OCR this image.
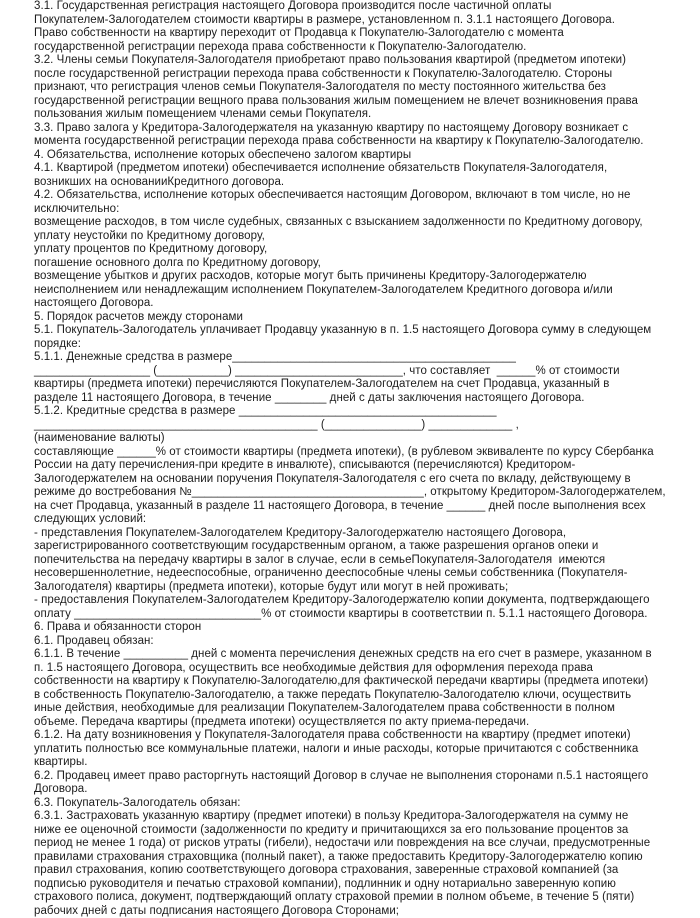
3.1. Государственная регистрация настоящего Договора производится после частичной оплаты
Покупателем-Залогодателем стоимости квартиры в размере, установленном п. 3.1.1 настоящего Договора.
Право собственности на квартиру переходит от Продавца к Покупателю-Залогодателю с момента
государственной регистрации перехода права собственности к Покупателю-Залогодателю.
3.2. Члены семьи Покупателя-Залогодателя приобретают право пользования квартирой (предметом ипотеки)
после государственной регистрации перехода права собственности к Покупателю-Залогодателю. Стороны
признают, что регистрация членов семьи Покупателя-Залогодателя по месту постоянного жительства без
государственной регистрации вещного права пользования жилым помещением не влечет возникновения права
пользования жилым помещением членами семьи Покупателя.
3.3. Право залога у Кредитора-Залогодержателя на указанную квартиру по настоящему Договору возникает с
момента государственной регистрации перехода права собственности на квартиру к Покупателю-Залогодателю.
4. Обязательства, исполнение которых обеспечено залогом квартиры
4.1. Квартирой (предметом ипотеки) обеспечивается исполнение обязательств Покупателя-Залогодателя,
возникших на основанииКредитного договора.
4.2. Обязательства, исполнение которых обеспечивается настоящим Договором, включают в том числе, но не
исключительно:
возмещение расходов, в том числе судебных, связанных с взысканием задолженности по Кредитному договору,
уплату неустойки по Кредитному договору,
уплату процентов по Кредитному договору,
погашение основного долга по Кредитному договору,
возмещение убытков и других расходов, которые могут быть причинены Кредитору-Залогодержателю
неисполнением или ненадлежащим исполнением Покупателем-Залогодателем Кредитного договора и/или
настоящего Договора.
5. Порядок расчетов между сторонами
5.1. Покупатель-Залогодатель уплачивает Продавцу указанную в п. 1.5 настоящего Договора сумму в следующем
порядке:
5.1.1. Денежные средства в размере____________________________________________
__________________ (___________) __________________________, что составляет  ______% от стоимости
квартиры (предмета ипотеки) перечисляются Покупателем-Залогодателем на счет Продавца, указанный в
разделе 11 настоящего Договора, в течение ________ дней с даты заключения настоящего Договора.
5.1.2. Кредитные средства в размере ________________________________________
____________________________________________ (_______________) _____________ ,
(наименование валюты)
составляющие ______% от стоимости квартиры (предмета ипотеки), (в рублевом эквиваленте по курсу Сбербанка
России на дату перечисления-при кредите в инвалюте), списываются (перечисляются) Кредитором-
Залогодержателем на основании поручения Покупателя-Залогодателя с его счета по вкладу, действующему в
режиме до востребования №____________________________________, открытому Кредитором-Залогодержателем,
на счет Продавца, указанный в разделе 11 настоящего Договора, в течение ______ дней после выполнения всех
следующих условий:
- представления Покупателем-Залогодателем Кредитору-Залогодержателю настоящего Договора,
зарегистрированного соответствующим государственным органом, а также разрешения органов опеки и
попечительства на передачу квартиры в залог в случае, если в семьеПокупателя-Залогодателя  имеются
несовершеннолетние, недееспособные, ограниченно дееспособные члены семьи собственника (Покупателя-
Залогодателя) квартиры (предмета ипотеки), которые будут или могут в ней проживать;
- предоставления Покупателем-Залогодателем Кредитору-Залогодержателю копии документа, подтверждающего
оплату _____________________________% от стоимости квартиры в соответствии п. 5.1.1 настоящего Договора.
6. Права и обязанности сторон
6.1. Продавец обязан:
6.1.1. В течение __________ дней с момента перечисления денежных средств на его счет в размере, указанном в
п. 1.5 настоящего Договора, осуществить все необходимые действия для оформления перехода права
собственности на квартиру к Покупателю-Залогодателю,для фактической передачи квартиры (предмета ипотеки)
в собственность Покупателю-Залогодателю, а также передать Покупателю-Залогодателю ключи, осуществить
иные действия, необходимые для реализации Покупателем-Залогодателем права собственности в полном
объеме. Передача квартиры (предмета ипотеки) осуществляется по акту приема-передачи.
6.1.2. На дату возникновения у Покупателя-Залогодателя права собственности на квартиру (предмет ипотеки)
уплатить полностью все коммунальные платежи, налоги и иные расходы, которые причитаются с собственника
квартиры.
6.2. Продавец имеет право расторгнуть настоящий Договор в случае не выполнения сторонами п.5.1 настоящего
Договора.
6.3. Покупатель-Залогодатель обязан:
6.3.1. Застраховать указанную квартиру (предмет ипотеки) в пользу Кредитора-Залогодержателя на сумму не
ниже ее оценочной стоимости (задолженности по кредиту и причитающихся за его пользование процентов за
период не менее 1 года) от рисков утраты (гибели), недостачи или повреждения на все случаи, предусмотренные
правилами страхования страховщика (полный пакет), а также предоставить Кредитору-Залогодержателю копию
правил страхования, копию соответствующего договора страхования, заверенные страховой компанией (за
подписью руководителя и печатью страховой компании), подлинник и одну нотариально заверенную копию
страхового полиса, документ, подтверждающий оплату страховой премии в полном объеме, в течение 5 (пяти)
рабочих дней с даты подписания настоящего Договора Сторонами;
